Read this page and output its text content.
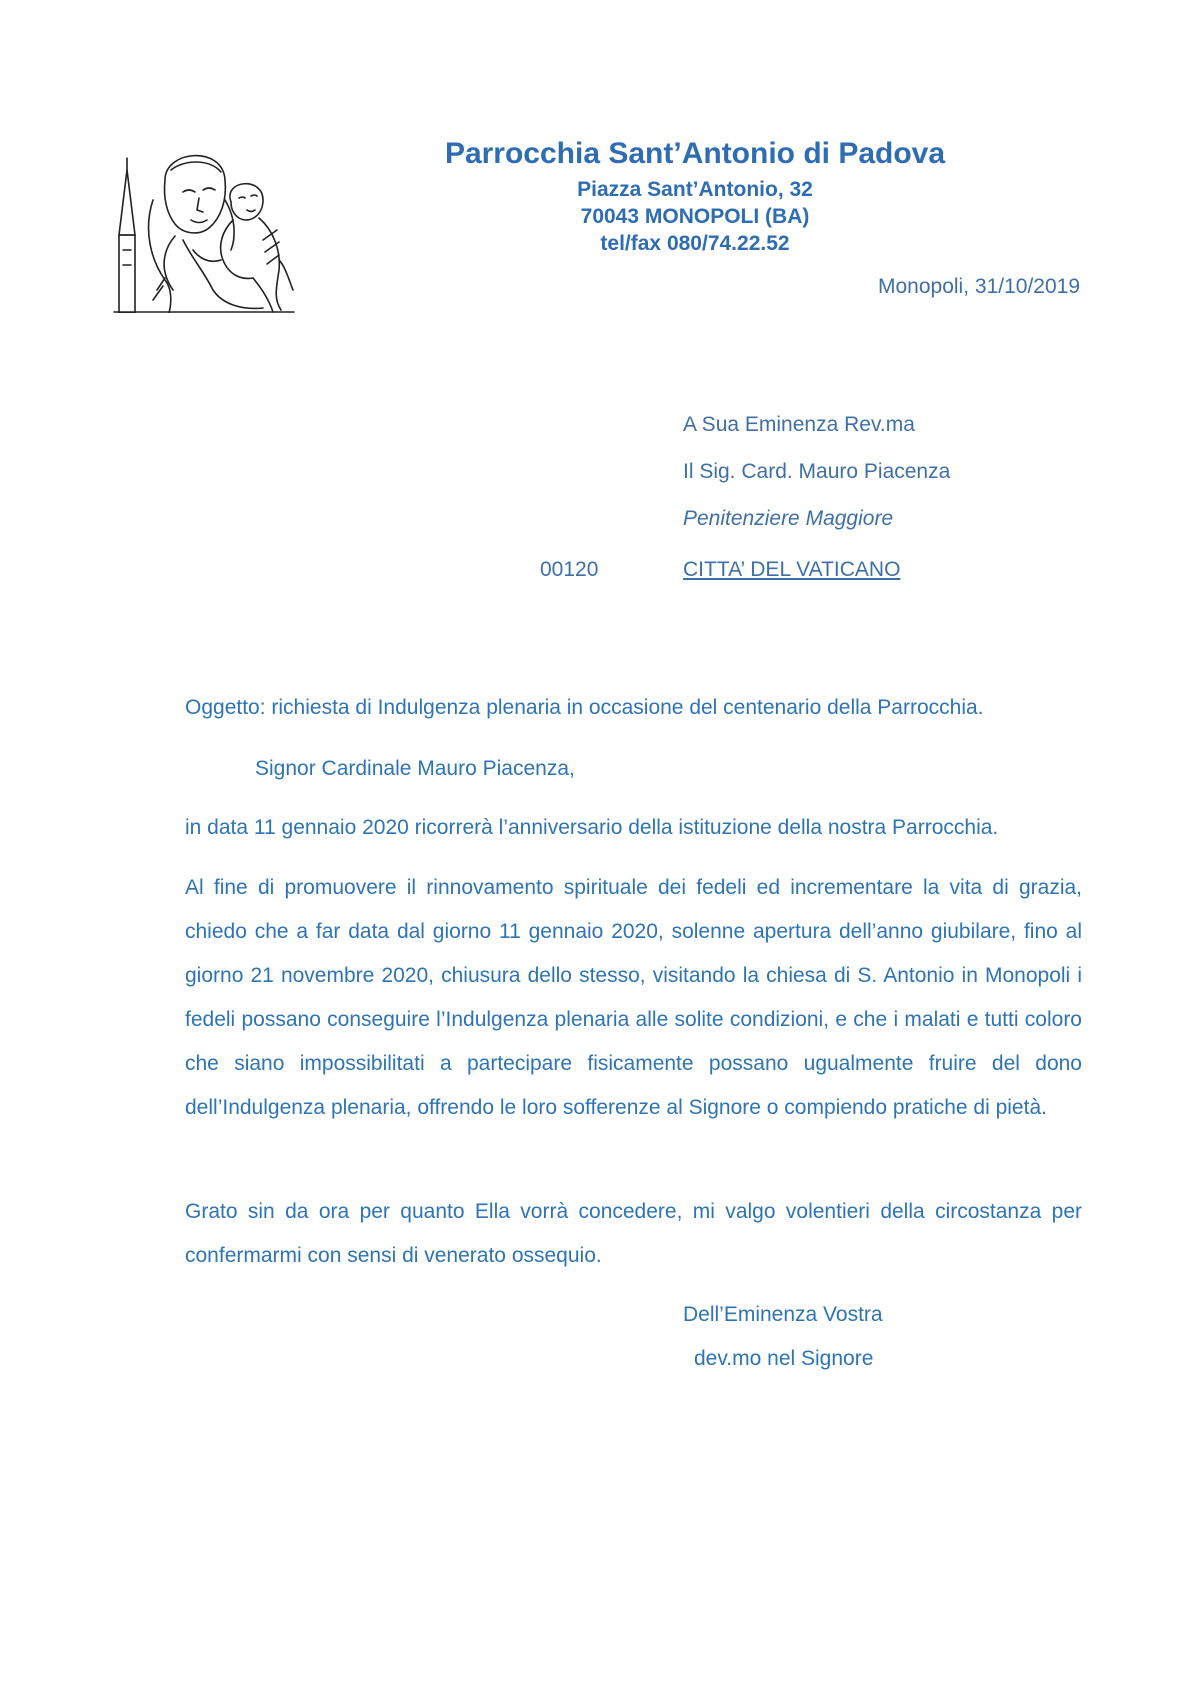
Parrocchia Sant’Antonio di Padova
Piazza Sant’Antonio, 32
70043 MONOPOLI (BA)
tel/fax 080/74.22.52
Monopoli, 31/10/2019
A Sua Eminenza Rev.ma
Il Sig. Card. Mauro Piacenza
Penitenziere Maggiore
00120	CITTA’ DEL VATICANO
Oggetto: richiesta di Indulgenza plenaria in occasione del centenario della Parrocchia.
Signor Cardinale Mauro Piacenza,
in data 11 gennaio 2020 ricorrerà l’anniversario della istituzione della nostra Parrocchia.
Al fine di promuovere il rinnovamento spirituale dei fedeli ed incrementare la vita di grazia, chiedo che a far data dal giorno 11 gennaio 2020, solenne apertura dell’anno giubilare, fino al giorno 21 novembre 2020, chiusura dello stesso, visitando la chiesa di S. Antonio in Monopoli i fedeli possano conseguire l’Indulgenza plenaria alle solite condizioni, e che i malati e tutti coloro che siano impossibilitati a partecipare fisicamente possano ugualmente fruire del dono dell’Indulgenza plenaria, offrendo le loro sofferenze al Signore o compiendo pratiche di pietà.
Grato sin da ora per quanto Ella vorrà concedere, mi valgo volentieri della circostanza per confermarmi con sensi di venerato ossequio.
Dell’Eminenza Vostra
dev.mo nel Signore
